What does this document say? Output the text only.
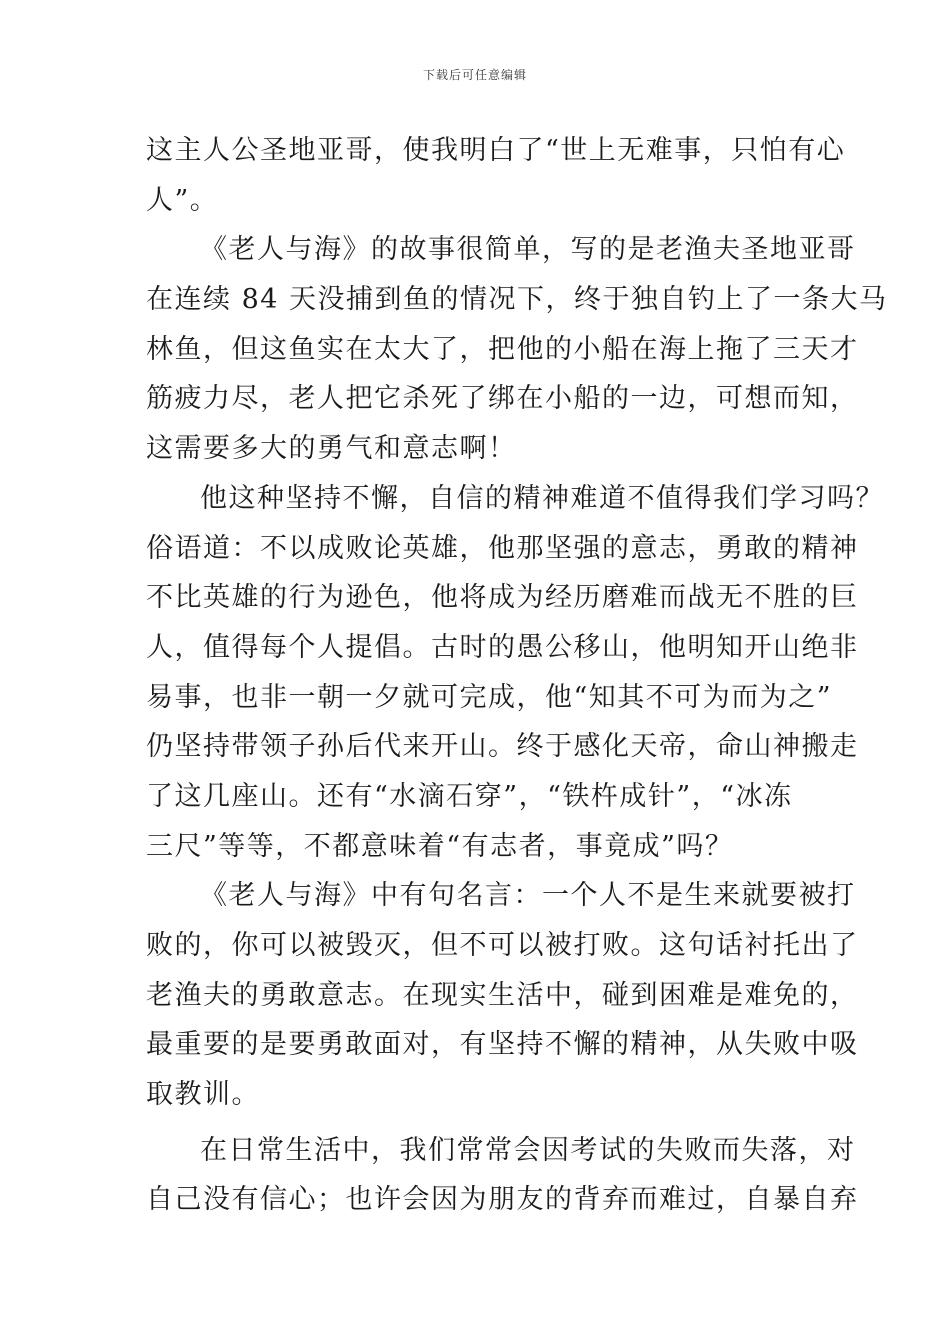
下载后可任意编辑
这主人公圣地亚哥，使我明白了“世上无难事，只怕有心
人”。
《老人与海》的故事很简单，写的是老渔夫圣地亚哥
在连续 84 天没捕到鱼的情况下，终于独自钓上了一条大马
林鱼，但这鱼实在太大了，把他的小船在海上拖了三天才
筋疲力尽，老人把它杀死了绑在小船的一边，可想而知，
这需要多大的勇气和意志啊！
他这种坚持不懈，自信的精神难道不值得我们学习吗？
俗语道：不以成败论英雄，他那坚强的意志，勇敢的精神
不比英雄的行为逊色，他将成为经历磨难而战无不胜的巨
人，值得每个人提倡。古时的愚公移山，他明知开山绝非
易事，也非一朝一夕就可完成，他“知其不可为而为之”
仍坚持带领子孙后代来开山。终于感化天帝，命山神搬走
了这几座山。还有“水滴石穿”，“铁杵成针”，“冰冻
三尺”等等，不都意味着“有志者，事竟成”吗？
《老人与海》中有句名言：一个人不是生来就要被打
败的，你可以被毁灭，但不可以被打败。这句话衬托出了
老渔夫的勇敢意志。在现实生活中，碰到困难是难免的，
最重要的是要勇敢面对，有坚持不懈的精神，从失败中吸
取教训。
在日常生活中，我们常常会因考试的失败而失落，对
自己没有信心；也许会因为朋友的背弃而难过，自暴自弃
